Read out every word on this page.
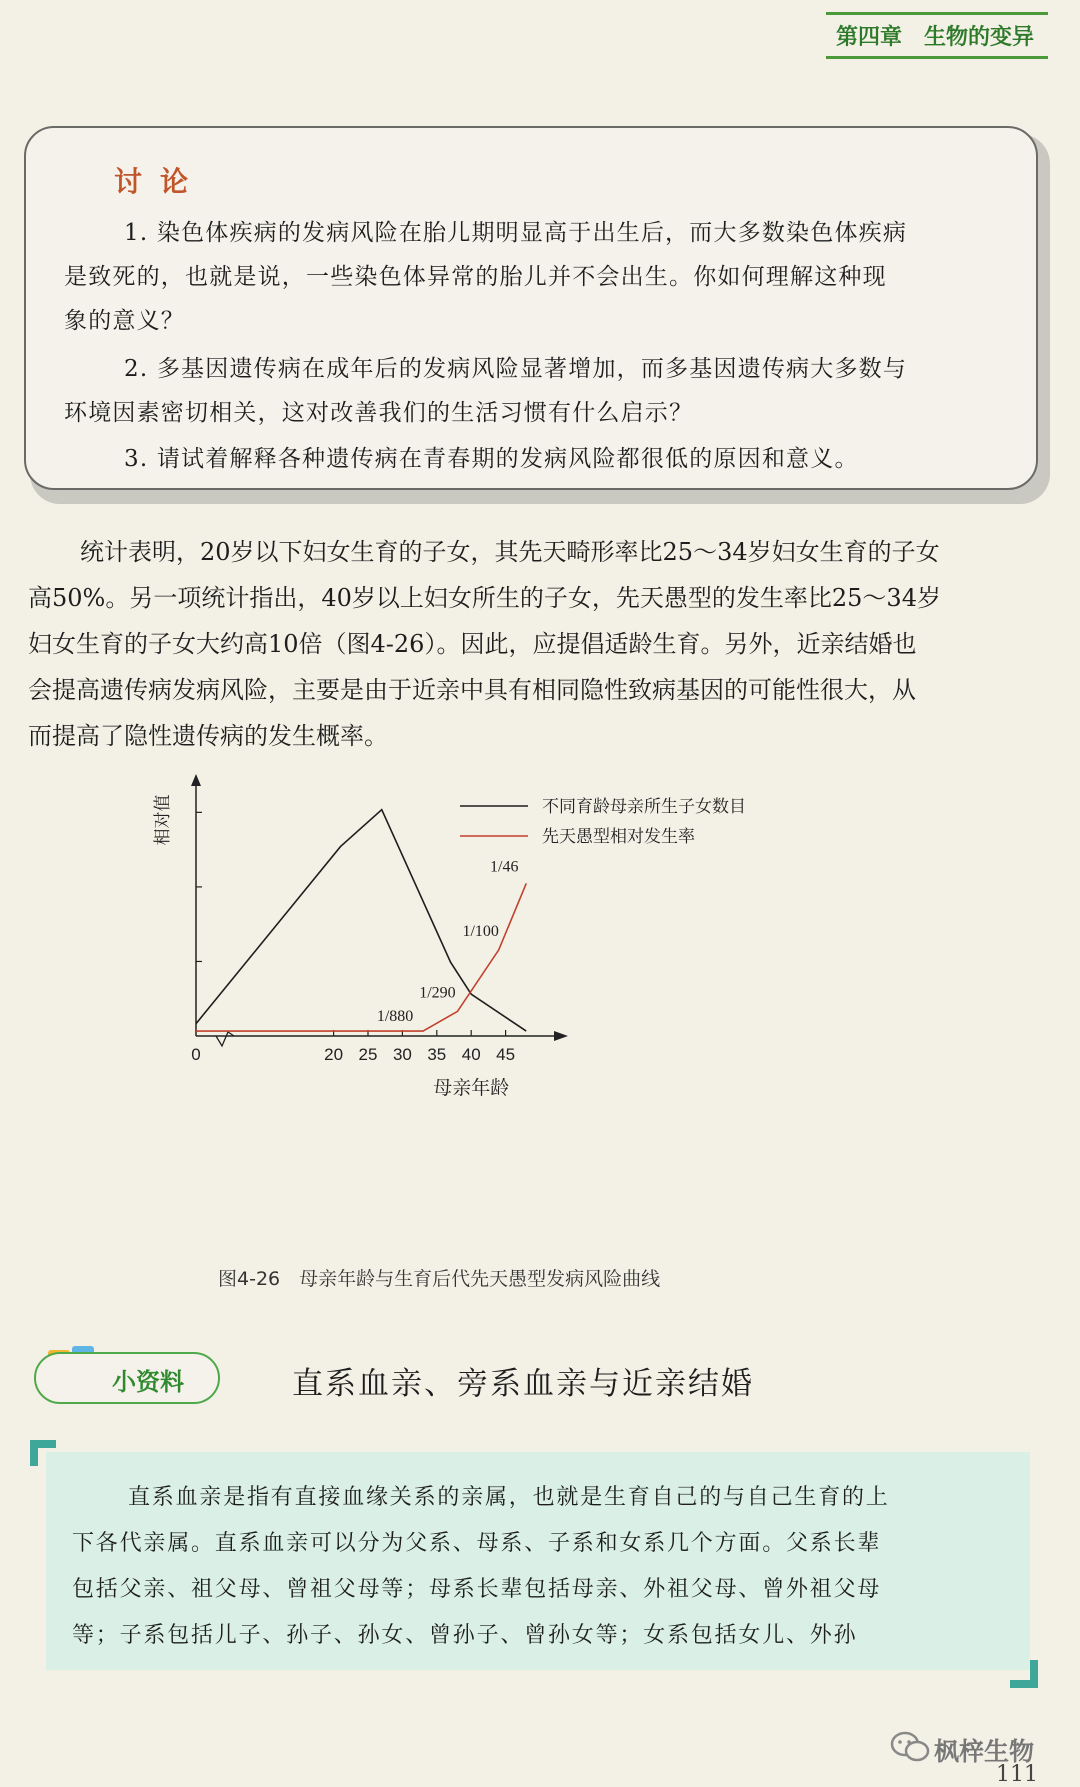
第四章　生物的变异
讨论
1. 染色体疾病的发病风险在胎儿期明显高于出生后，而大多数染色体疾病
是致死的，也就是说，一些染色体异常的胎儿并不会出生。你如何理解这种现
象的意义？
2. 多基因遗传病在成年后的发病风险显著增加，而多基因遗传病大多数与
环境因素密切相关，这对改善我们的生活习惯有什么启示？
3. 请试着解释各种遗传病在青春期的发病风险都很低的原因和意义。
统计表明，20岁以下妇女生育的子女，其先天畸形率比25～34岁妇女生育的子女
高50%。另一项统计指出，40岁以上妇女所生的子女，先天愚型的发生率比25～34岁
妇女生育的子女大约高10倍（图4-26）。因此，应提倡适龄生育。另外，近亲结婚也
会提高遗传病发病风险，主要是由于近亲中具有相同隐性致病基因的可能性很大，从
而提高了隐性遗传病的发生概率。
0	20 25 30 35 40 45
相对值
母亲年龄
1/880
1/290
1/100
1/46
不同育龄母亲所生子女数目
先天愚型相对发生率
图4-26　母亲年龄与生育后代先天愚型发病风险曲线
小资料	直系血亲、旁系血亲与近亲结婚
直系血亲是指有直接血缘关系的亲属，也就是生育自己的与自己生育的上
下各代亲属。直系血亲可以分为父系、母系、子系和女系几个方面。父系长辈
包括父亲、祖父母、曾祖父母等；母系长辈包括母亲、外祖父母、曾外祖父母
等；子系包括儿子、孙子、孙女、曾孙子、曾孙女等；女系包括女儿、外孙
枫梓生物
111
